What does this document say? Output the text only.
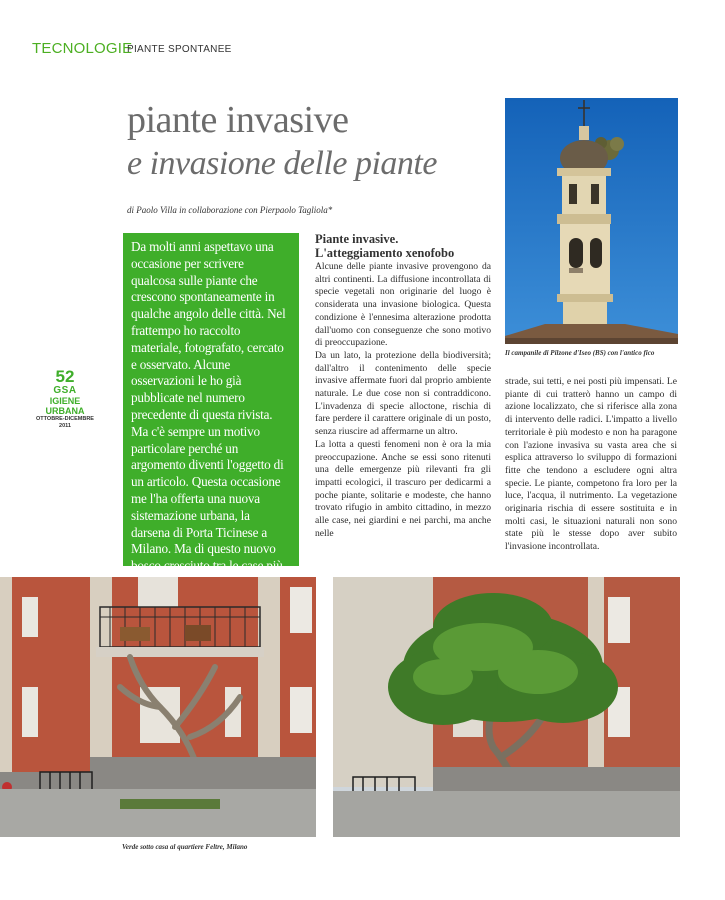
TECNOLOGIE
PIANTE SPONTANEE
piante invasive
e invasione delle piante
di Paolo Villa in collaborazione con Pierpaolo Tagliola*

Da molti anni aspettavo una occasione per scrivere qualcosa sulle piante che crescono spontaneamente in qualche angolo delle città. Nel frattempo ho raccolto materiale, fotografato, cercato e osservato. Alcune osservazioni le ho già pubblicate nel numero precedente di questa rivista. Ma c'è sempre un motivo particolare perché un argomento diventi l'oggetto di un articolo. Questa occasione me l'ha offerta una nuova sistemazione urbana, la darsena di Porta Ticinese a Milano. Ma di questo nuovo bosco cresciuto tra le case più

52
GSA
IGIENE URBANA
OTTOBRE-DICEMBRE 2011
Piante invasive.
L'atteggiamento xenofobo

Alcune delle piante invasive provengono da altri continenti. La diffusione incontrollata di specie vegetali non originarie del luogo è considerata una invasione biologica. Questa condizione è l'ennesima alterazione prodotta dall'uomo con conseguenze che sono motivo di preoccupazione.

Da un lato, la protezione della biodiversità; dall'altro il contenimento delle specie invasive affermate fuori dal proprio ambiente naturale. Le due cose non si contraddicono. L'invadenza di specie alloctone, rischia di fare perdere il carattere originale di un posto, senza riuscire ad affermarne un altro.

La lotta a questi fenomeni non è ora la mia preoccupazione. Anche se essi sono ritenuti una delle emergenze più rilevanti fra gli impatti ecologici, il trascuro per dedicarmi a poche piante, solitarie e modeste, che hanno trovato rifugio in ambito cittadino, in mezzo alle case, nei giardini e nei parchi, ma anche nelle

Il campanile di Pilzone d'Iseo (BS) con l'antico fico

strade, sui tetti, e nei posti più impensati. Le piante di cui tratterò hanno un campo di azione localizzato, che si riferisce alla zona di intervento delle radici. L'impatto a livello territoriale è più modesto e non ha paragone con l'azione invasiva su vasta area che si esplica attraverso lo sviluppo di formazioni fitte che tendono a escludere ogni altra specie. Le piante, competono fra loro per la luce, l'acqua, il nutrimento. La vegetazione originaria rischia di essere sostituita e in molti casi, le situazioni naturali non sono state più le stesse dopo aver subito l'invasione incontrollata.

Verde sotto casa al quartiere Feltre, Milano
